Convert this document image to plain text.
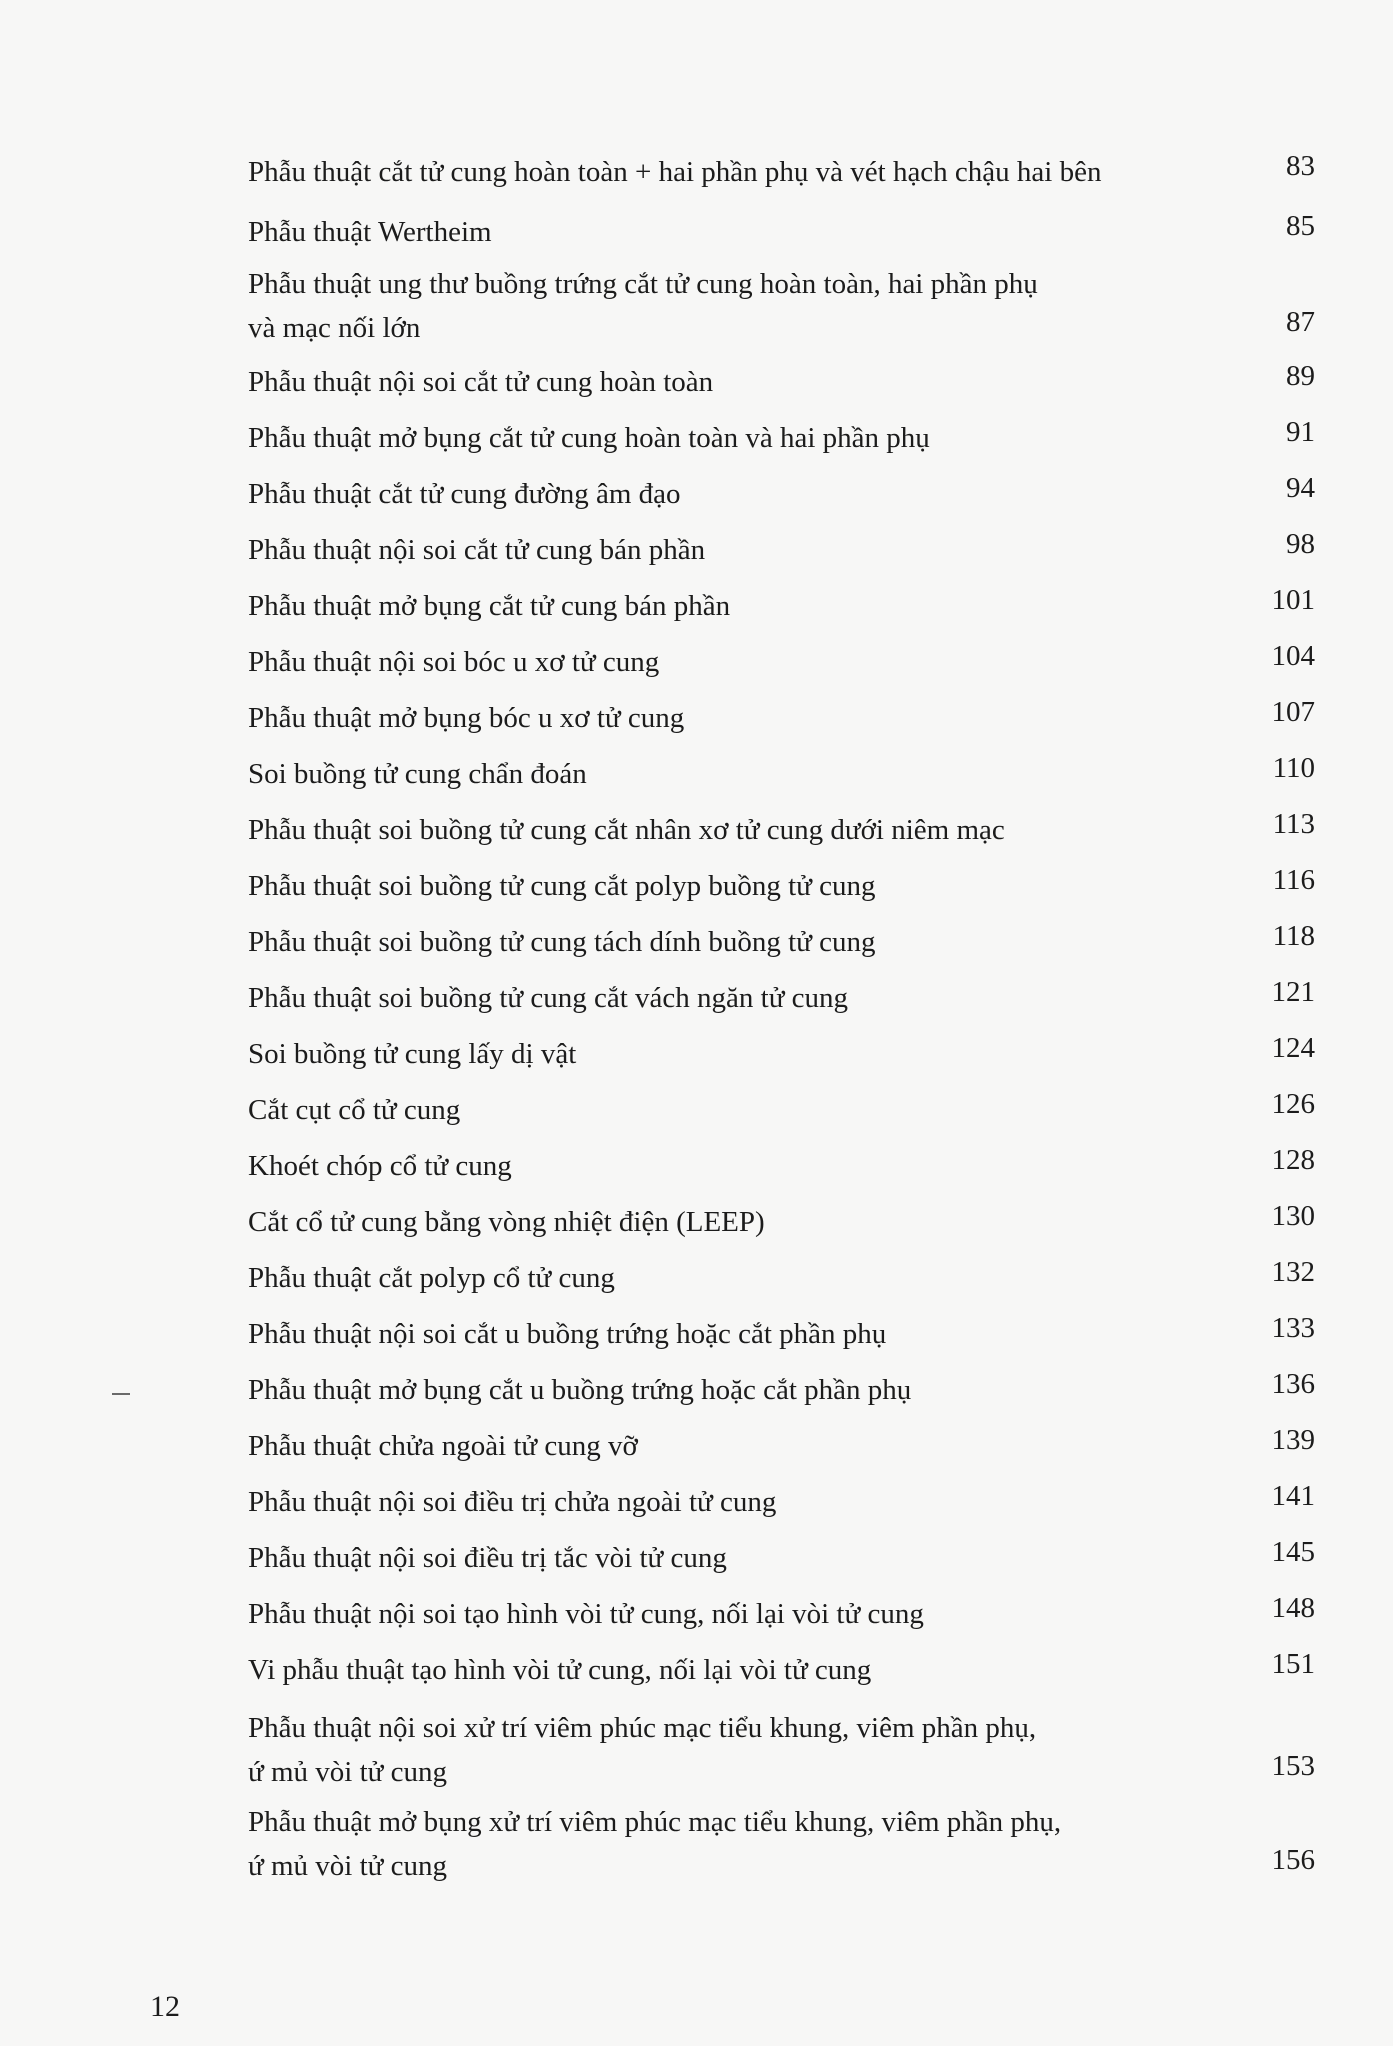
Phẫu thuật cắt tử cung hoàn toàn + hai phần phụ và vét hạch chậu hai bên	83
Phẫu thuật Wertheim	85
Phẫu thuật ung thư buồng trứng cắt tử cung hoàn toàn, hai phần phụ
và mạc nối lớn	87
Phẫu thuật nội soi cắt tử cung hoàn toàn	89
Phẫu thuật mở bụng cắt tử cung hoàn toàn và hai phần phụ	91
Phẫu thuật cắt tử cung đường âm đạo	94
Phẫu thuật nội soi cắt tử cung bán phần	98
Phẫu thuật mở bụng cắt tử cung bán phần	101
Phẫu thuật nội soi bóc u xơ tử cung	104
Phẫu thuật mở bụng bóc u xơ tử cung	107
Soi buồng tử cung chẩn đoán	110
Phẫu thuật soi buồng tử cung cắt nhân xơ tử cung dưới niêm mạc	113
Phẫu thuật soi buồng tử cung cắt polyp buồng tử cung	116
Phẫu thuật soi buồng tử cung tách dính buồng tử cung	118
Phẫu thuật soi buồng tử cung cắt vách ngăn tử cung	121
Soi buồng tử cung lấy dị vật	124
Cắt cụt cổ tử cung	126
Khoét chóp cổ tử cung	128
Cắt cổ tử cung bằng vòng nhiệt điện (LEEP)	130
Phẫu thuật cắt polyp cổ tử cung	132
Phẫu thuật nội soi cắt u buồng trứng hoặc cắt phần phụ	133
Phẫu thuật mở bụng cắt u buồng trứng hoặc cắt phần phụ	136
Phẫu thuật chửa ngoài tử cung vỡ	139
Phẫu thuật nội soi điều trị chửa ngoài tử cung	141
Phẫu thuật nội soi điều trị tắc vòi tử cung	145
Phẫu thuật nội soi tạo hình vòi tử cung, nối lại vòi tử cung	148
Vi phẫu thuật tạo hình vòi tử cung, nối lại vòi tử cung	151
Phẫu thuật nội soi xử trí viêm phúc mạc tiểu khung, viêm phần phụ,
ứ mủ vòi tử cung	153
Phẫu thuật mở bụng xử trí viêm phúc mạc tiểu khung, viêm phần phụ,
ứ mủ vòi tử cung	156
12
